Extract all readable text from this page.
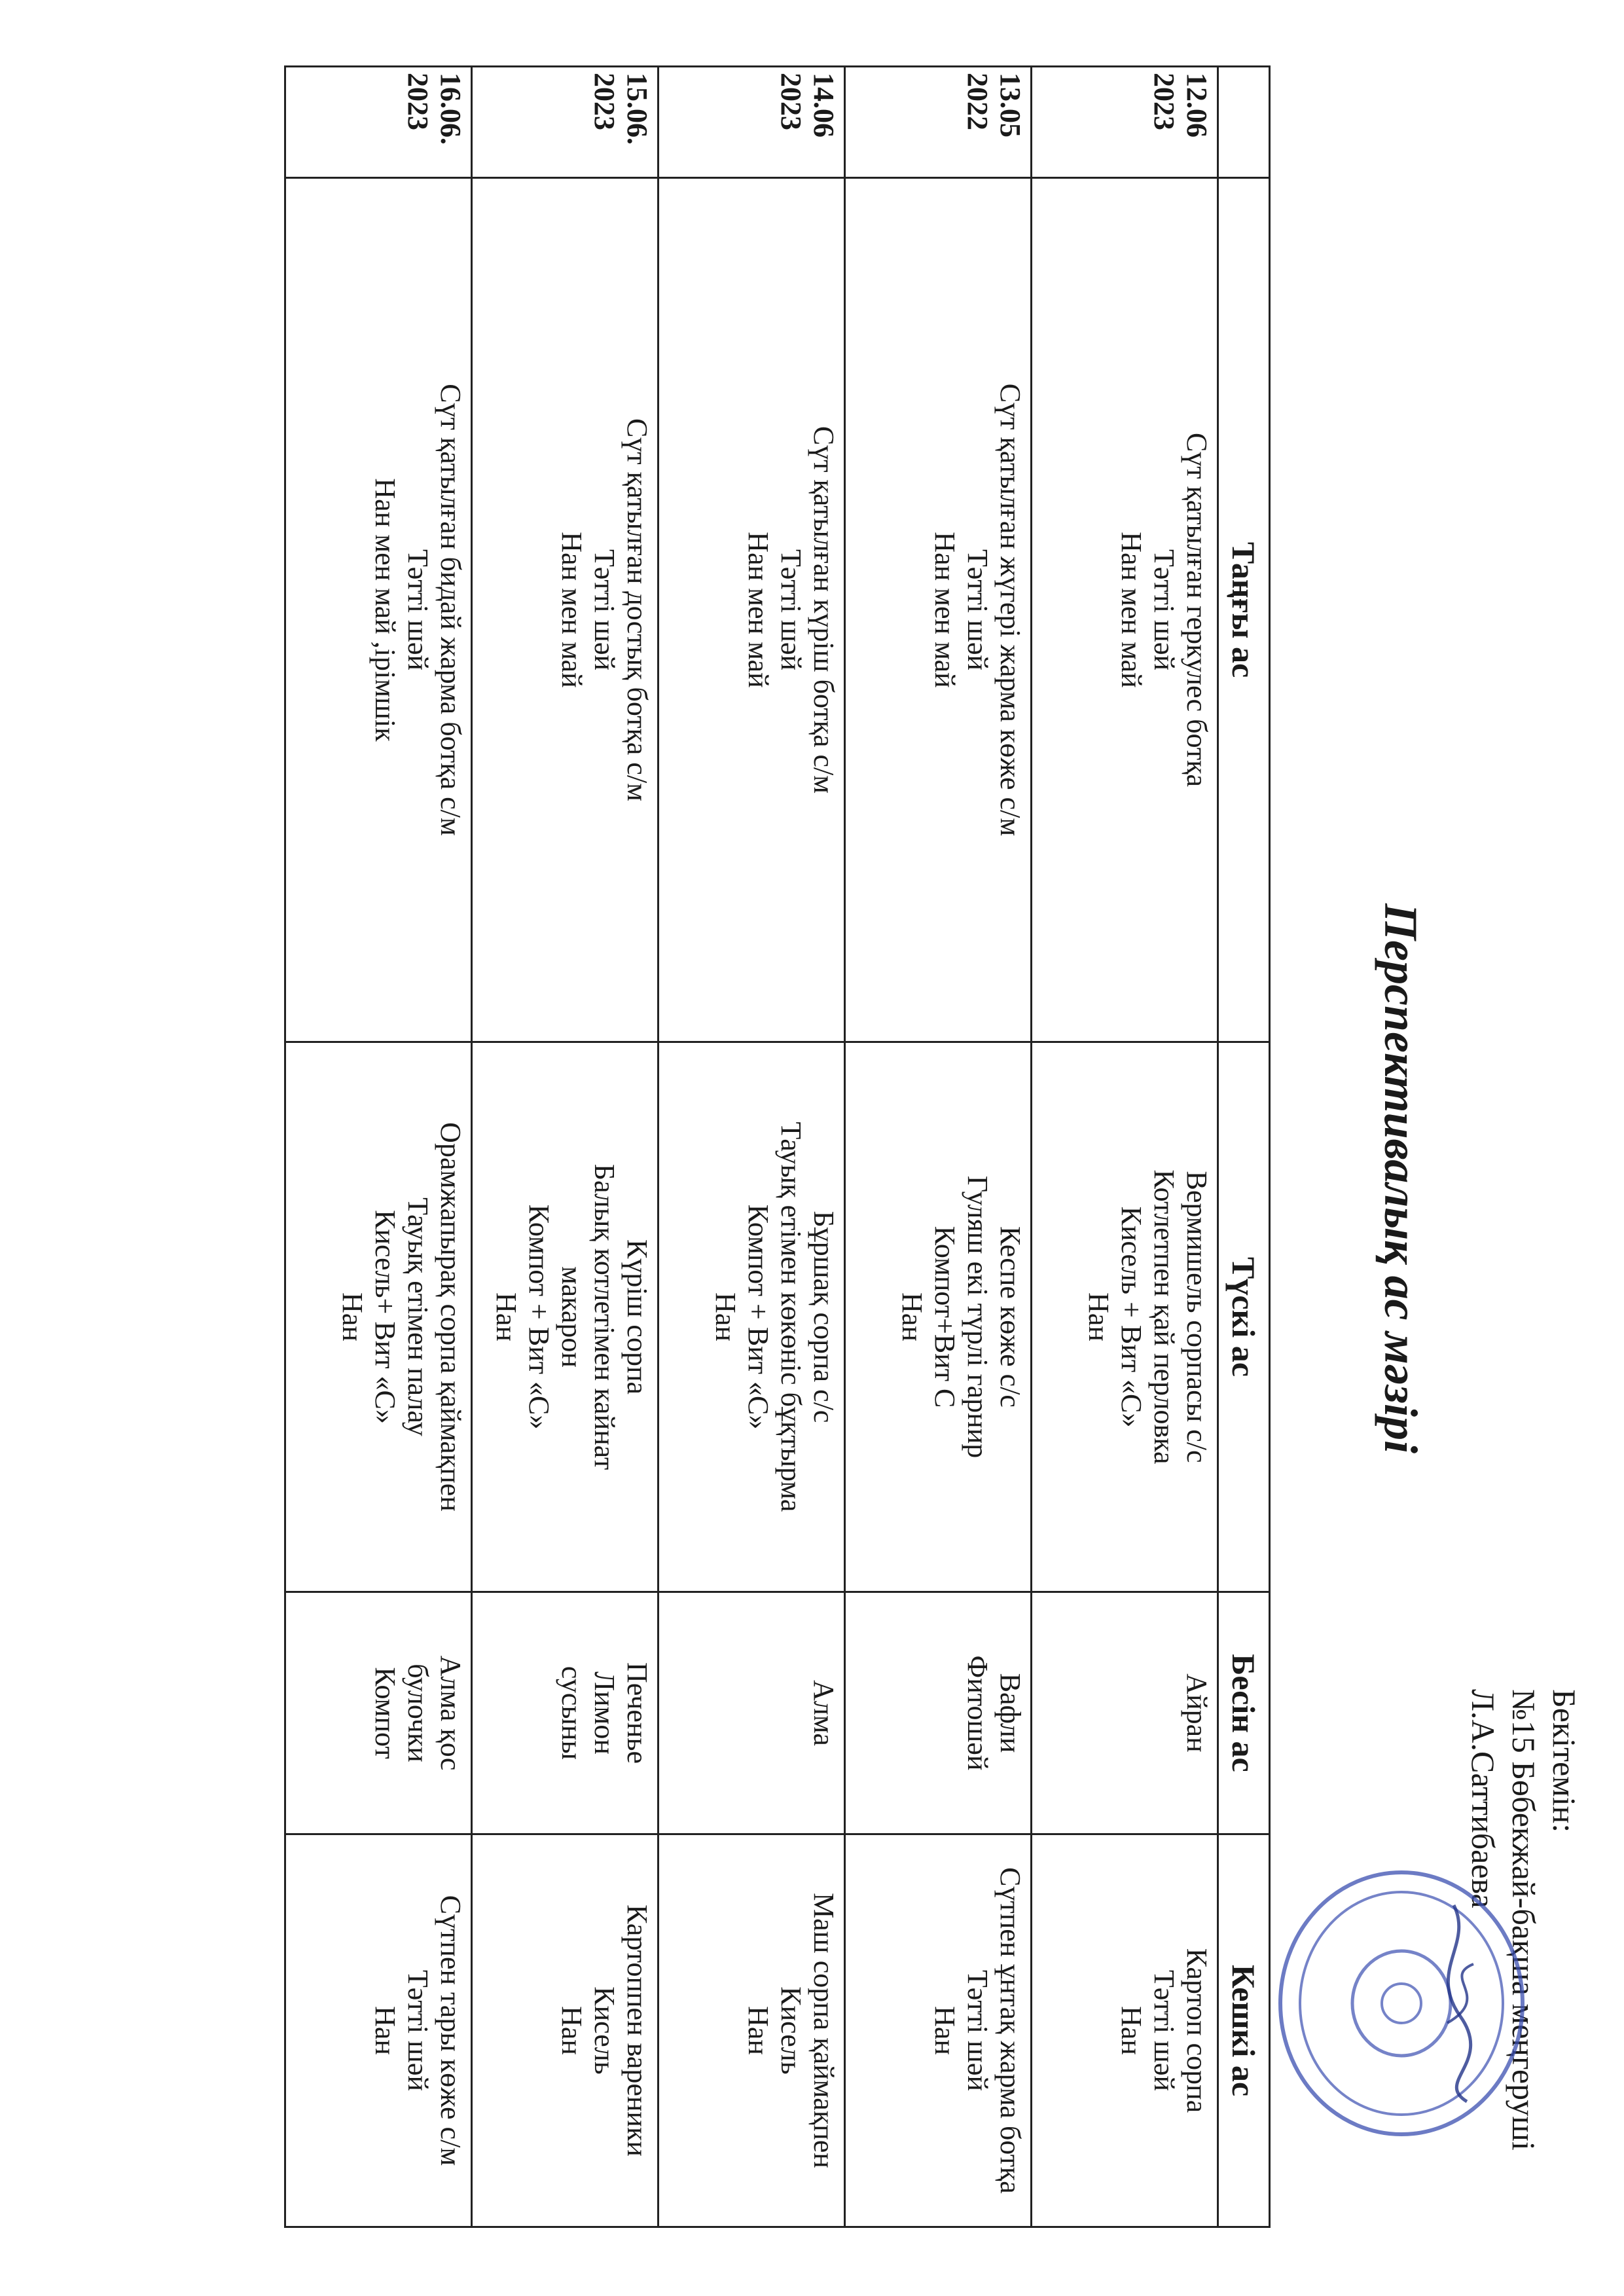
Бекітемін:
№15 Бөбекжай-бақша меңгеруші
Л.А.Саттибаева
Перспективалық ас мәзірі
	Таңғы ас	Түскі ас	Бесін ас	Кешкі ас

12.06
2023	Сүт қатылған геркулес ботқа
Тәтті шәй
Нан мен май	Вермишель сорпасы с/с
Котлетпен қай перловка
Кисель + Вит «С»
Нан	Айран	Картоп сорпа
Тәтті шәй
Нан

13.05
2022	Сүт қатылған жүгері жарма көже с/м
Тәтті шәй
Нан мен май	Кеспе көже с/с
Гуляш екі түрлі гарнир
Компот+Вит С
Нан	Вафли
Фитошәй	Сүтпен ұнтақ жарма ботқа
Тәтті шәй
Нан

14.06
2023	Сүт қатылған күріш ботқа с/м
Тәтті шәй
Нан мен май	Бұршақ сорпа с/с
Тауық етімен көкөніс бұқтырма
Компот + Вит «С»
Нан	Алма	Маш сорпа қаймақпен
Кисель
Нан

15.06.
2023	Сүт қатылған достық ботқа с/м
Тәтті шәй
Нан мен май	Күріш сорпа
Балық котлетімен кайнат
макарон
Компот + Вит «С»
Нан	Печенье
Лимон
сусыны	Картоппен вареники
Кисель
Нан

16.06.
2023	Сүт қатылған бидай жарма ботқа с/м
Тәтті шәй
Нан мен май ,ірімшік	Орамжапырақ сорпа қаймақпен
Тауық етімен палау
Кисель+ Вит «С»
Нан	Алма қос
булочки
Компот	Сүтпен тары көже с/м
Тәтті шәй
Нан
